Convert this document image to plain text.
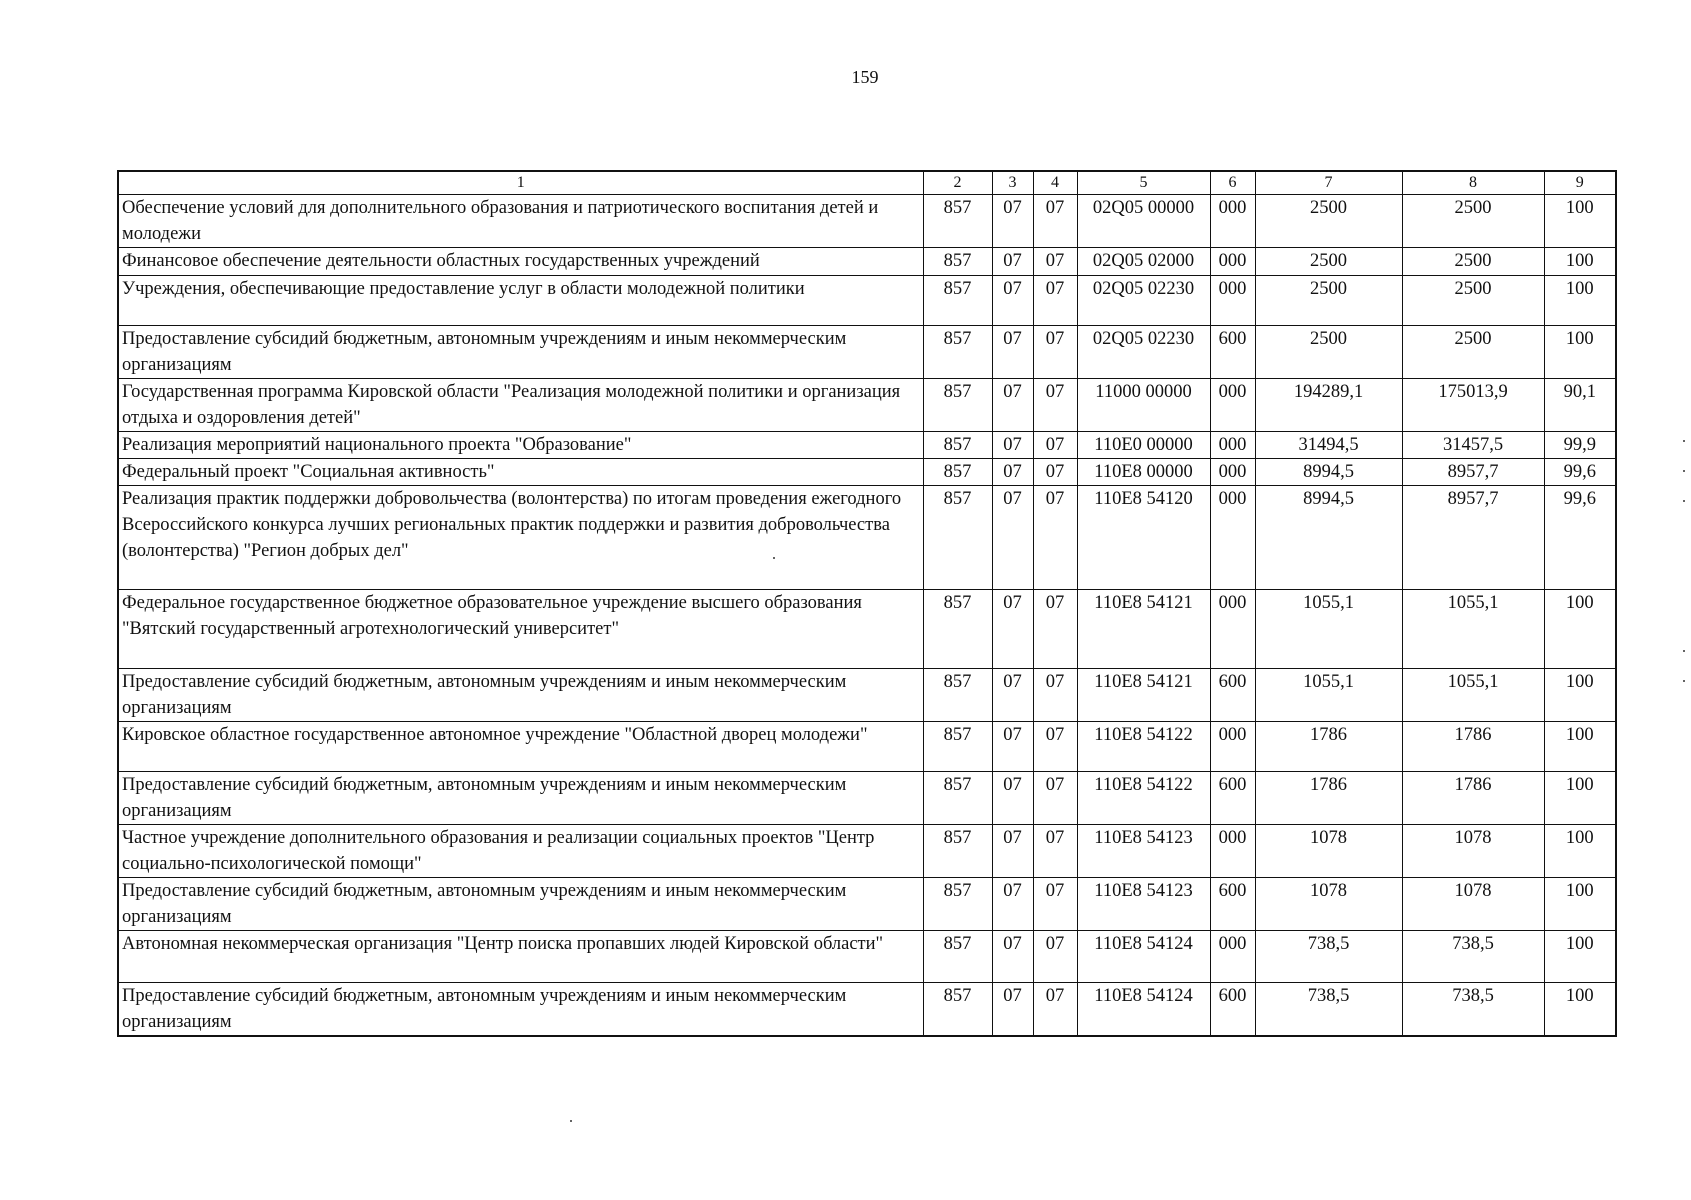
159
1	2	3	4	5	6	7	8	9
Обеспечение условий для дополнительного образования и патриотического воспитания детей и молодежи	857	07	07	02Q05 00000	000	2500	2500	100
Финансовое обеспечение деятельности областных государственных учреждений	857	07	07	02Q05 02000	000	2500	2500	100
Учреждения, обеспечивающие предоставление услуг в области молодежной политики	857	07	07	02Q05 02230	000	2500	2500	100
Предоставление субсидий бюджетным, автономным учреждениям и иным некоммерческим организациям	857	07	07	02Q05 02230	600	2500	2500	100
Государственная программа Кировской области "Реализация молодежной политики и организация отдыха и оздоровления детей"	857	07	07	11000 00000	000	194289,1	175013,9	90,1
Реализация мероприятий национального проекта "Образование"	857	07	07	110E0 00000	000	31494,5	31457,5	99,9
Федеральный проект "Социальная активность"	857	07	07	110E8 00000	000	8994,5	8957,7	99,6
Реализация практик поддержки добровольчества (волонтерства) по итогам проведения ежегодного Всероссийского конкурса лучших региональных практик поддержки и развития добровольчества (волонтерства) "Регион добрых дел"	857	07	07	110E8 54120	000	8994,5	8957,7	99,6
Федеральное государственное бюджетное образовательное учреждение высшего образования "Вятский государственный агротехнологический университет"	857	07	07	110E8 54121	000	1055,1	1055,1	100
Предоставление субсидий бюджетным, автономным учреждениям и иным некоммерческим организациям	857	07	07	110E8 54121	600	1055,1	1055,1	100
Кировское областное государственное автономное учреждение "Областной дворец молодежи"	857	07	07	110E8 54122	000	1786	1786	100
Предоставление субсидий бюджетным, автономным учреждениям и иным некоммерческим организациям	857	07	07	110E8 54122	600	1786	1786	100
Частное учреждение дополнительного образования и реализации социальных проектов "Центр социально-психологической помощи"	857	07	07	110E8 54123	000	1078	1078	100
Предоставление субсидий бюджетным, автономным учреждениям и иным некоммерческим организациям	857	07	07	110E8 54123	600	1078	1078	100
Автономная некоммерческая организация "Центр поиска пропавших людей Кировской области"	857	07	07	110E8 54124	000	738,5	738,5	100
Предоставление субсидий бюджетным, автономным учреждениям и иным некоммерческим организациям	857	07	07	110E8 54124	600	738,5	738,5	100
